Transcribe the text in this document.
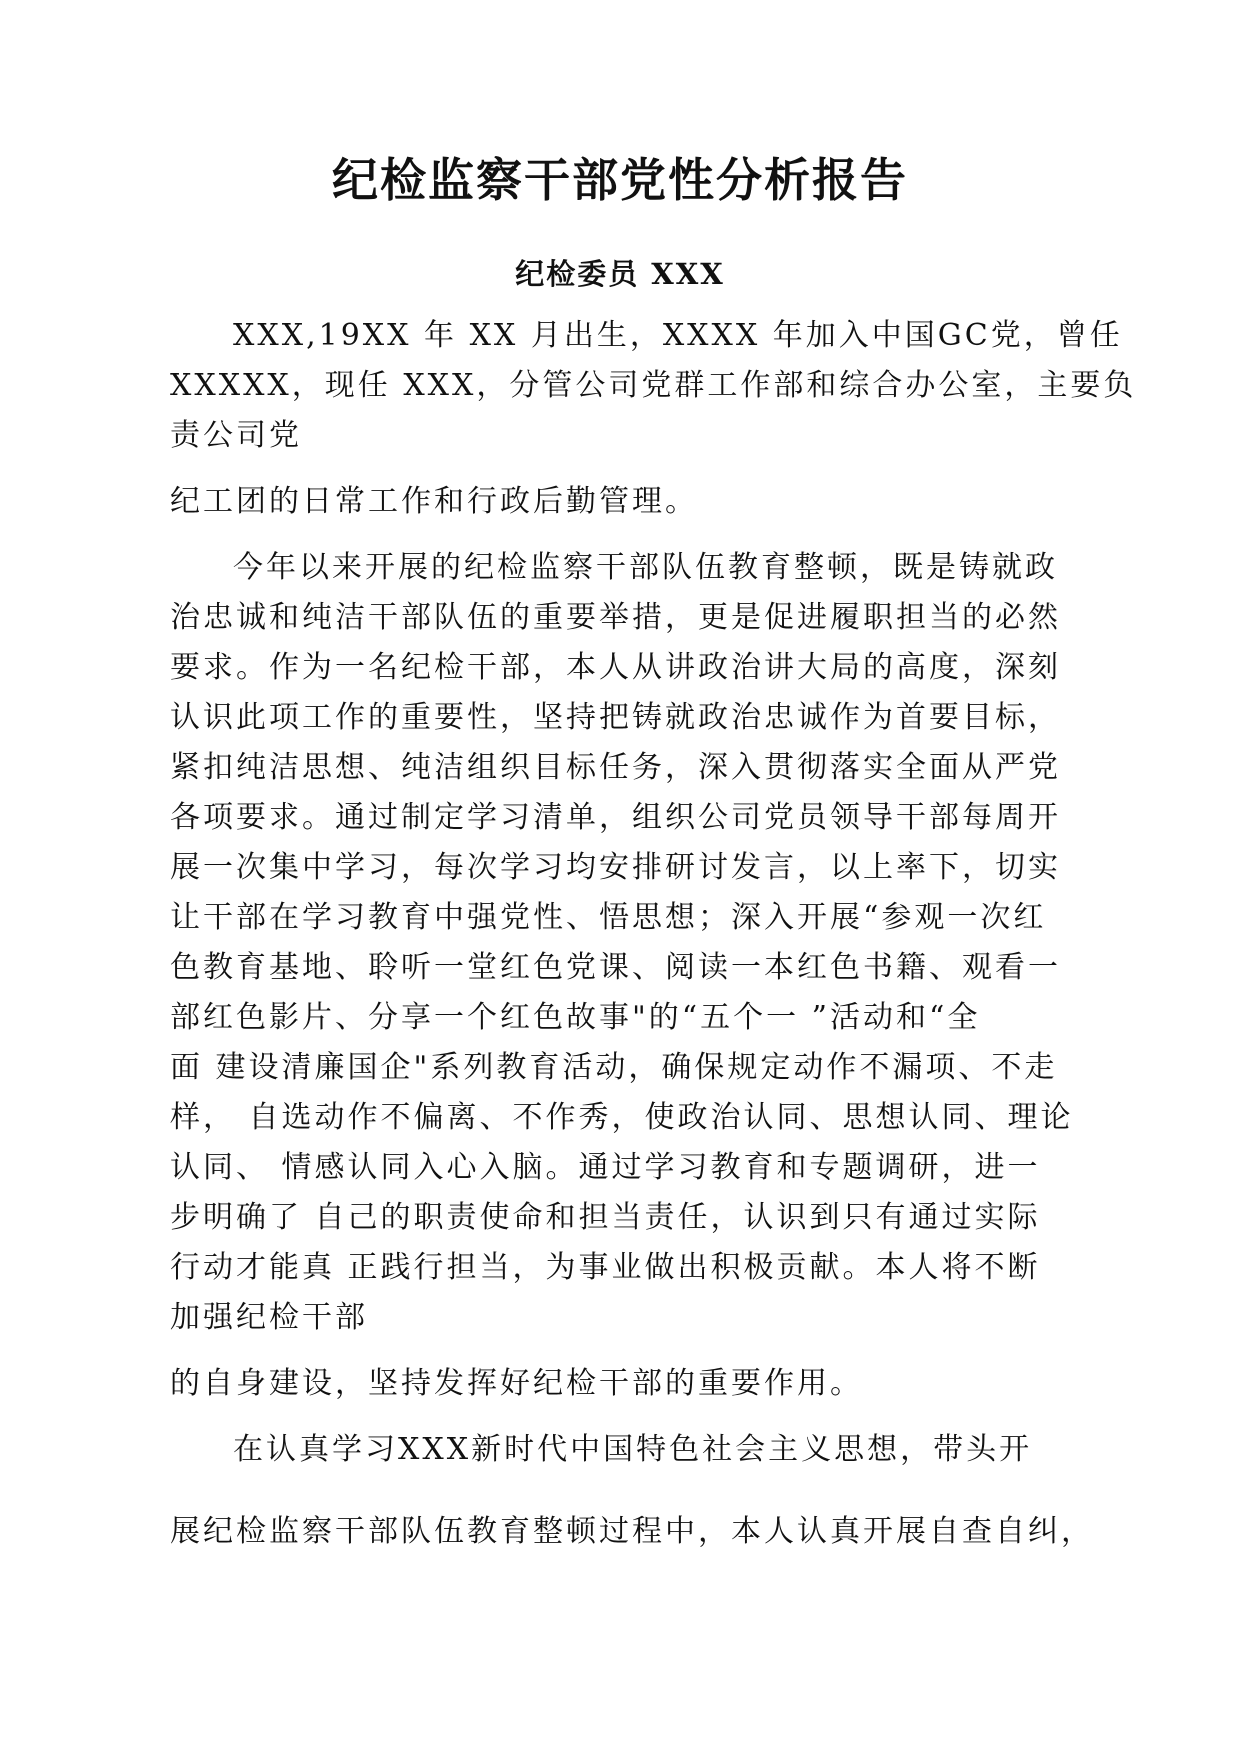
纪检监察干部党性分析报告
纪检委员 XXX
XXX,19XX 年 XX 月出生，XXXX 年加入中国GC党，曾任
XXXXX，现任 XXX，分管公司党群工作部和综合办公室，主要负
责公司党
纪工团的日常工作和行政后勤管理。
今年以来开展的纪检监察干部队伍教育整顿，既是铸就政
治忠诚和纯洁干部队伍的重要举措，更是促进履职担当的必然
要求。作为一名纪检干部，本人从讲政治讲大局的高度，深刻
认识此项工作的重要性，坚持把铸就政治忠诚作为首要目标，
紧扣纯洁思想、纯洁组织目标任务，深入贯彻落实全面从严党
各项要求。通过制定学习清单，组织公司党员领导干部每周开
展一次集中学习，每次学习均安排研讨发言，以上率下，切实
让干部在学习教育中强党性、悟思想；深入开展“参观一次红
色教育基地、聆听一堂红色党课、阅读一本红色书籍、观看一
部红色影片、分享一个红色故事"的“五个一 ”活动和“全
面 建设清廉国企"系列教育活动，确保规定动作不漏项、不走
样， 自选动作不偏离、不作秀，使政治认同、思想认同、理论
认同、 情感认同入心入脑。通过学习教育和专题调研，进一
步明确了 自己的职责使命和担当责任，认识到只有通过实际
行动才能真 正践行担当，为事业做出积极贡献。本人将不断
加强纪检干部
的自身建设，坚持发挥好纪检干部的重要作用。
在认真学习XXX新时代中国特色社会主义思想，带头开
展纪检监察干部队伍教育整顿过程中，本人认真开展自查自纠，
